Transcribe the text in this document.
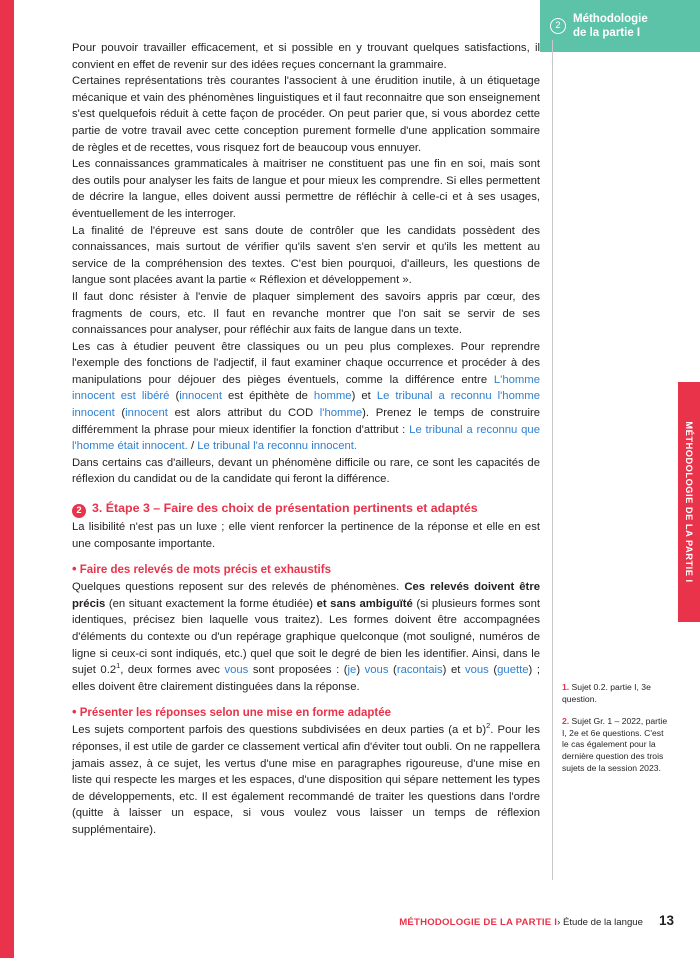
2
Méthodologie
de la partie I
MÉTHODOLOGIE DE LA PARTIE I

Pour pouvoir travailler efficacement, et si possible en y trouvant quelques satisfactions, il convient en effet de revenir sur des idées reçues concernant la grammaire.

Certaines représentations très courantes l'associent à une érudition inutile, à un étiquetage mécanique et vain des phénomènes linguistiques et il faut reconnaitre que son enseignement s'est quelquefois réduit à cette façon de procéder. On peut parier que, si vous abordez cette partie de votre travail avec cette conception purement formelle d'une application sommaire de règles et de recettes, vous risquez fort de beaucoup vous ennuyer.

Les connaissances grammaticales à maitriser ne constituent pas une fin en soi, mais sont des outils pour analyser les faits de langue et pour mieux les comprendre. Si elles permettent de décrire la langue, elles doivent aussi permettre de réfléchir à celle-ci et à ses usages, éventuellement de les interroger.

La finalité de l'épreuve est sans doute de contrôler que les candidats possèdent des connaissances, mais surtout de vérifier qu'ils savent s'en servir et qu'ils les mettent au service de la compréhension des textes. C'est bien pourquoi, d'ailleurs, les questions de langue sont placées avant la partie « Réflexion et développement ».

Il faut donc résister à l'envie de plaquer simplement des savoirs appris par cœur, des fragments de cours, etc. Il faut en revanche montrer que l'on sait se servir de ses connaissances pour analyser, pour réfléchir aux faits de langue dans un texte.

Les cas à étudier peuvent être classiques ou un peu plus complexes. Pour reprendre l'exemple des fonctions de l'adjectif, il faut examiner chaque occurrence et procéder à des manipulations pour déjouer des pièges éventuels, comme la différence entre L'homme innocent est libéré (innocent est épithète de homme) et Le tribunal a reconnu l'homme innocent (innocent est alors attribut du COD l'homme). Prenez le temps de construire différemment la phrase pour mieux identifier la fonction d'attribut : Le tribunal a reconnu que l'homme était innocent. / Le tribunal l'a reconnu innocent.

Dans certains cas d'ailleurs, devant un phénomène difficile ou rare, ce sont les capacités de réflexion du candidat ou de la candidate qui feront la différence.

2 3. Étape 3 – Faire des choix de présentation pertinents et adaptés

La lisibilité n'est pas un luxe ; elle vient renforcer la pertinence de la réponse et elle en est une composante importante.

• Faire des relevés de mots précis et exhaustifs

Quelques questions reposent sur des relevés de phénomènes. Ces relevés doivent être précis (en situant exactement la forme étudiée) et sans ambiguïté (si plusieurs formes sont identiques, précisez bien laquelle vous traitez). Les formes doivent être accompagnées d'éléments du contexte ou d'un repérage graphique quelconque (mot souligné, numéros de ligne si ceux-ci sont indiqués, etc.) quel que soit le degré de bien les identifier. Ainsi, dans le sujet $0.2^1$, deux formes avec vous sont proposées : (je) vous (racontais) et vous (guette) ; elles doivent être clairement distinguées dans la réponse.

• Présenter les réponses selon une mise en forme adaptée

Les sujets comportent parfois des questions subdivisées en deux parties (a et b)$^2$. Pour les réponses, il est utile de garder ce classement vertical afin d'éviter tout oubli. On ne rappellera jamais assez, à ce sujet, les vertus d'une mise en paragraphes rigoureuse, d'une mise en liste qui respecte les marges et les espaces, d'une disposition qui sépare nettement les types de développements, etc. Il est également recommandé de traiter les questions dans l'ordre (quitte à laisser un espace, si vous voulez vous laisser un temps de réflexion supplémentaire).

1. Sujet 0.2. partie I, 3e question.
2. Sujet Gr. 1 – 2022, partie I, 2e et 6e questions. C'est le cas également pour la dernière question des trois sujets de la session 2023.
MÉTHODOLOGIE DE LA PARTIE I › Étude de la langue 13
